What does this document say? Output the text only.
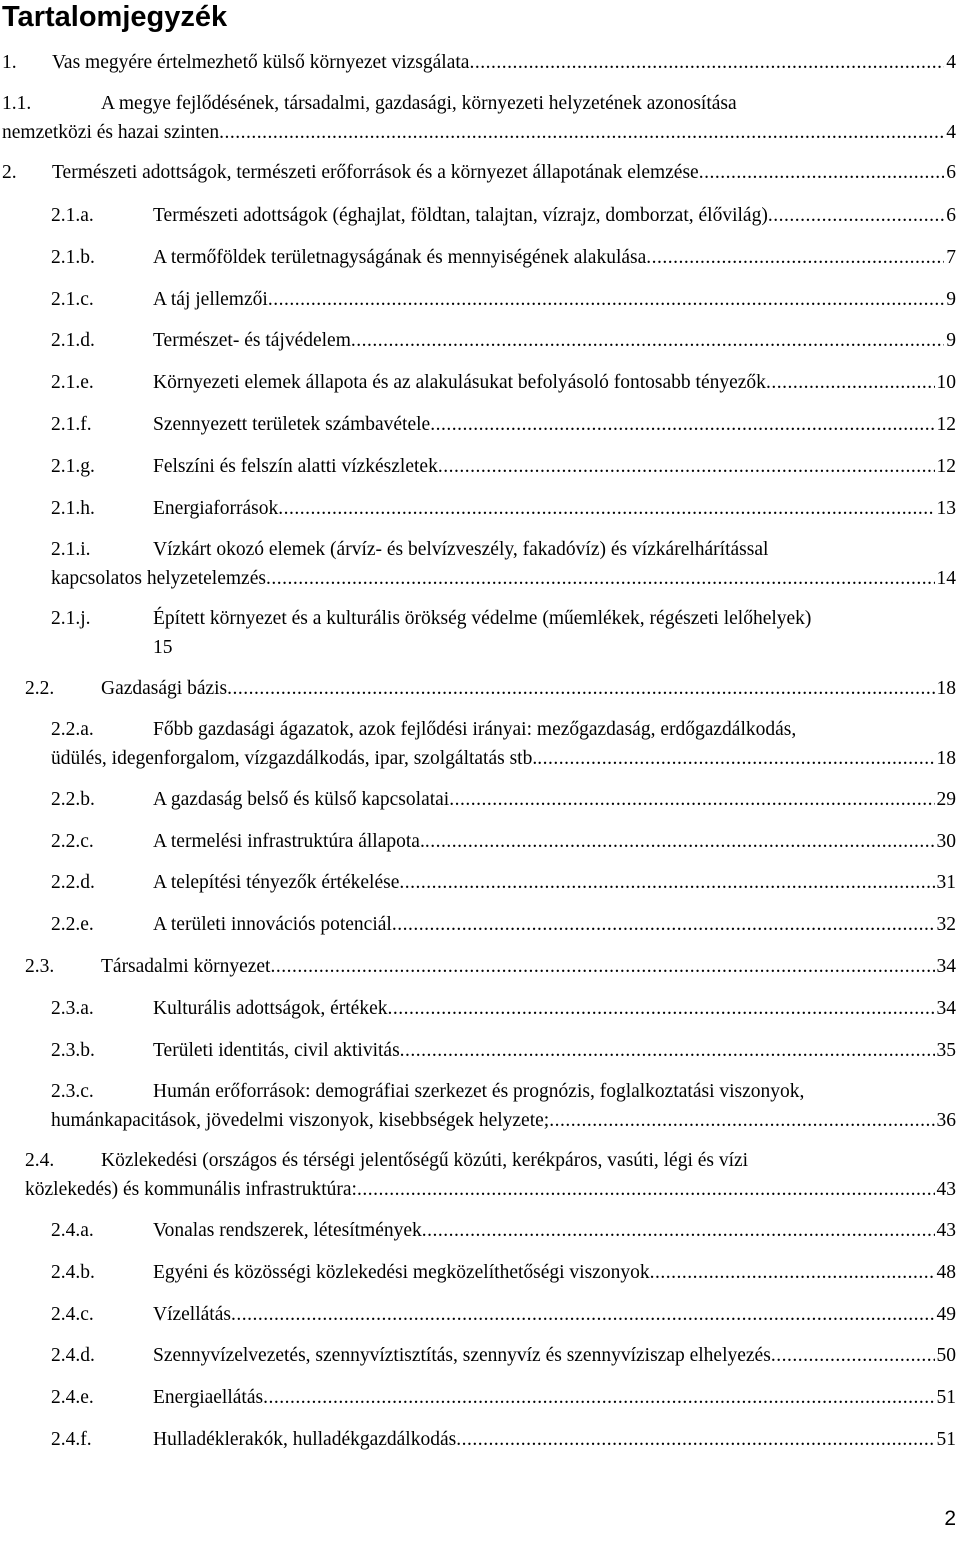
Tartalomjegyzék
1. Vas megyére értelmezhető külső környezet vizsgálata .....	4
1.1.	A megye fejlődésének, társadalmi, gazdasági, környezeti helyzetének azonosítása
nemzetközi és hazai szinten .....	4
2. Természeti adottságok, természeti erőforrások és a környezet állapotának elemzése .....	6
2.1.a.	Természeti adottságok (éghajlat, földtan, talajtan, vízrajz, domborzat, élővilág) .....	6
2.1.b.	A termőföldek területnagyságának és mennyiségének alakulása .....	7
2.1.c.	A táj jellemzői .....	9
2.1.d.	Természet- és tájvédelem .....	9
2.1.e.	Környezeti elemek állapota és az alakulásukat befolyásoló fontosabb tényezők .....	10
2.1.f.	Szennyezett területek számbavétele .....	12
2.1.g.	Felszíni és felszín alatti vízkészletek .....	12
2.1.h.	Energiaforrások .....	13
2.1.i.	Vízkárt okozó elemek (árvíz- és belvízveszély, fakadóvíz) és vízkárelhárítással
kapcsolatos helyzetelemzés .....	14
2.1.j.	Épített környezet és a kulturális örökség védelme (műemlékek, régészeti lelőhelyek)
15
2.2. Gazdasági bázis .....	18
2.2.a.	Főbb gazdasági ágazatok, azok fejlődési irányai: mezőgazdaság, erdőgazdálkodás,
üdülés, idegenforgalom, vízgazdálkodás, ipar, szolgáltatás stb. .....	18
2.2.b.	A gazdaság belső és külső kapcsolatai .....	29
2.2.c.	A termelési infrastruktúra állapota. .....	30
2.2.d.	A telepítési tényezők értékelése .....	31
2.2.e.	A területi innovációs potenciál .....	32
2.3. Társadalmi környezet .....	34
2.3.a.	Kulturális adottságok, értékek .....	34
2.3.b.	Területi identitás, civil aktivitás .....	35
2.3.c.	Humán erőforrások: demográfiai szerkezet és prognózis, foglalkoztatási viszonyok,
humánkapacitások, jövedelmi viszonyok, kisebbségek helyzete; .....	36
2.4. Közlekedési (országos és térségi jelentőségű közúti, kerékpáros, vasúti, légi és vízi
közlekedés) és kommunális infrastruktúra: .....	43
2.4.a.	Vonalas rendszerek, létesítmények .....	43
2.4.b.	Egyéni és közösségi közlekedési megközelíthetőségi viszonyok .....	48
2.4.c.	Vízellátás .....	49
2.4.d.	Szennyvízelvezetés, szennyvíztisztítás, szennyvíz és szennyvíziszap elhelyezés .....	50
2.4.e.	Energiaellátás .....	51
2.4.f.	Hulladéklerakók, hulladékgazdálkodás .....	51
2
